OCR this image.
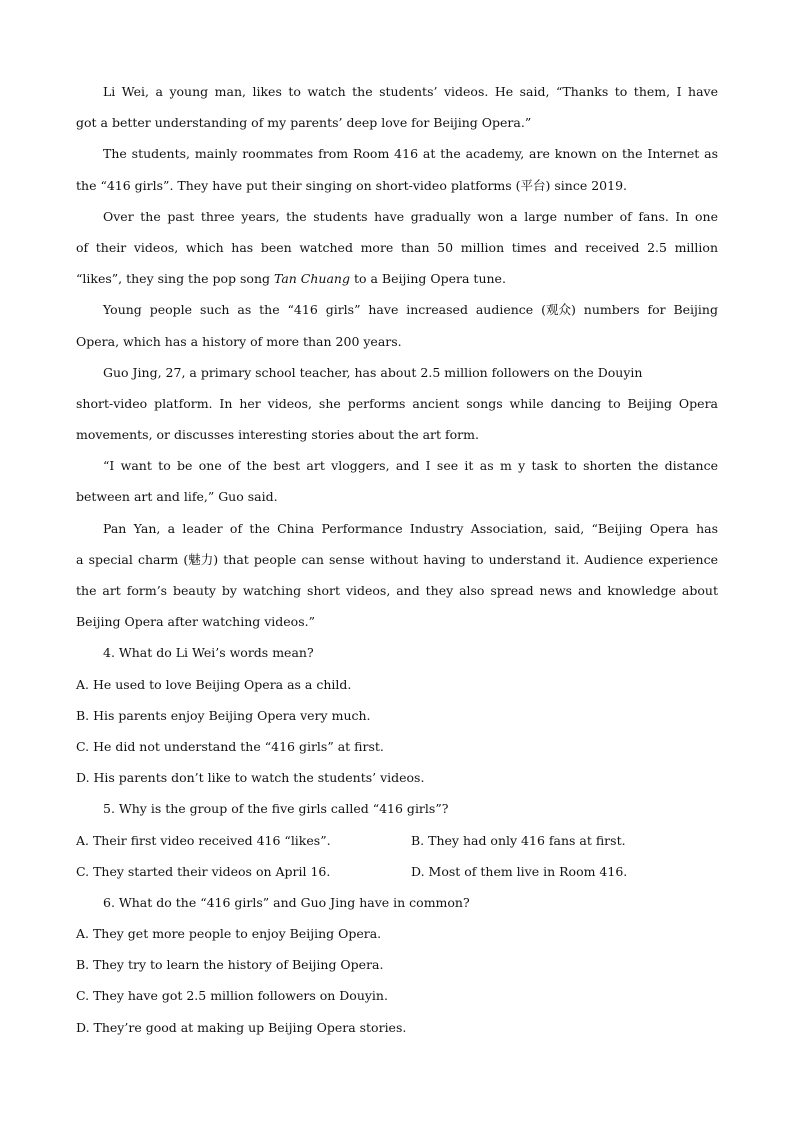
Li Wei, a young man, likes to watch the students’ videos. He said, “Thanks to them, I have
got a better understanding of my parents’ deep love for Beijing Opera.”
The students, mainly roommates from Room 416 at the academy, are known on the Internet as
the “416 girls”. They have put their singing on short-video platforms (平台) since 2019.
Over the past three years, the students have gradually won a large number of fans. In one
of their videos, which has been watched more than 50 million times and received 2.5 million
“likes”, they sing the pop song Tan Chuang to a Beijing Opera tune.
Young people such as the “416 girls” have increased audience (观众) numbers for Beijing
Opera, which has a history of more than 200 years.
Guo Jing, 27, a primary school teacher, has about 2.5 million followers on the Douyin
short-video platform. In her videos, she performs ancient songs while dancing to Beijing Opera
movements, or discusses interesting stories about the art form.
“I want to be one of the best art vloggers, and I see it as m y task to shorten the distance
between art and life,” Guo said.
Pan Yan, a leader of the China Performance Industry Association, said, “Beijing Opera has
a special charm (魅力) that people can sense without having to understand it. Audience experience
the art form’s beauty by watching short videos, and they also spread news and knowledge about
Beijing Opera after watching videos.”
4. What do Li Wei’s words mean?
A. He used to love Beijing Opera as a child.
B. His parents enjoy Beijing Opera very much.
C. He did not understand the “416 girls” at first.
D. His parents don’t like to watch the students’ videos.
5. Why is the group of the five girls called “416 girls”?
A. Their first video received 416 “likes”.	B. They had only 416 fans at first.
C. They started their videos on April 16.	D. Most of them live in Room 416.
6. What do the “416 girls” and Guo Jing have in common?
A. They get more people to enjoy Beijing Opera.
B. They try to learn the history of Beijing Opera.
C. They have got 2.5 million followers on Douyin.
D. They’re good at making up Beijing Opera stories.
